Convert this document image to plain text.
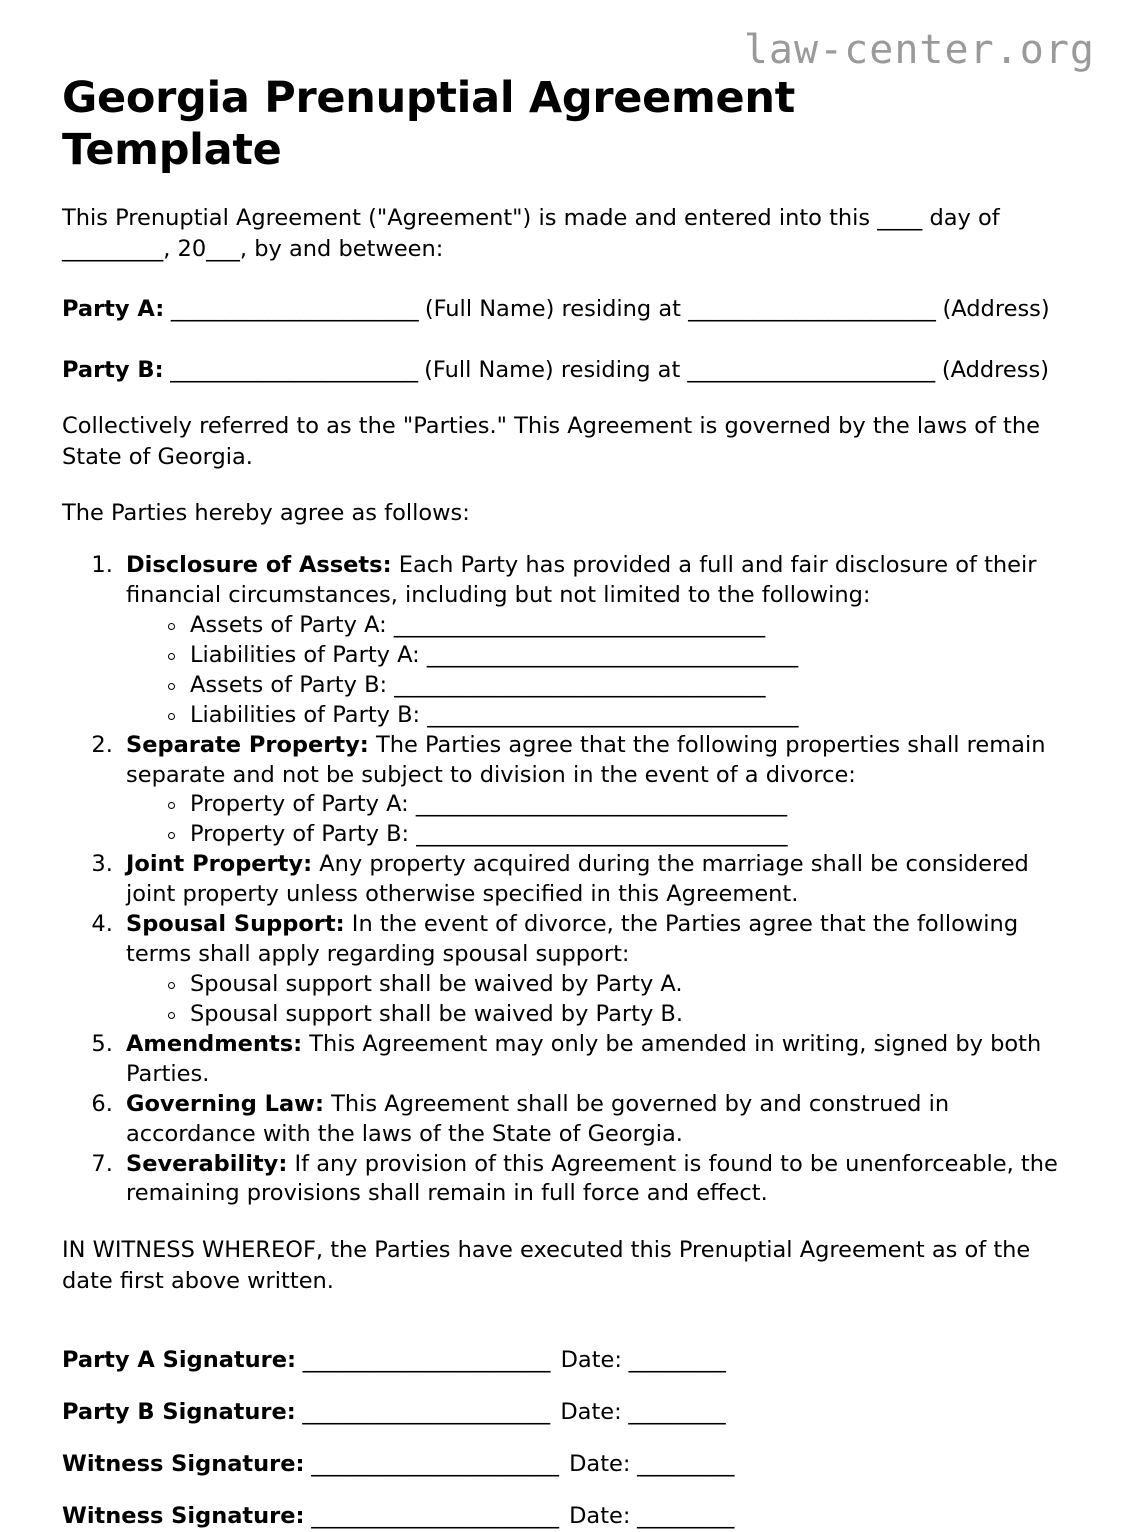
law-center.org
Georgia Prenuptial Agreement Template

This Prenuptial Agreement ("Agreement") is made and entered into this ____ day of _________, 20___, by and between:

Party A: _______________________ (Full Name) residing at _______________________ (Address)

Party B: _______________________ (Full Name) residing at _______________________ (Address)

Collectively referred to as the "Parties." This Agreement is governed by the laws of the State of Georgia.

The Parties hereby agree as follows:

1. Disclosure of Assets: Each Party has provided a full and fair disclosure of their financial circumstances, including but not limited to the following:
Assets of Party A: _________________________________
Liabilities of Party A: _________________________________
Assets of Party B: _________________________________
Liabilities of Party B: _________________________________
2. Separate Property: The Parties agree that the following properties shall remain separate and not be subject to division in the event of a divorce:
Property of Party A: _________________________________
Property of Party B: _________________________________
3. Joint Property: Any property acquired during the marriage shall be considered joint property unless otherwise specified in this Agreement.
4. Spousal Support: In the event of divorce, the Parties agree that the following terms shall apply regarding spousal support:
Spousal support shall be waived by Party A.
Spousal support shall be waived by Party B.
5. Amendments: This Agreement may only be amended in writing, signed by both Parties.
6. Governing Law: This Agreement shall be governed by and construed in accordance with the laws of the State of Georgia.
7. Severability: If any provision of this Agreement is found to be unenforceable, the remaining provisions shall remain in full force and effect.

IN WITNESS WHEREOF, the Parties have executed this Prenuptial Agreement as of the date first above written.

Party A Signature: _______________________ Date: _________

Party B Signature: _______________________ Date: _________

Witness Signature: _______________________ Date: _________

Witness Signature: _______________________ Date: _________
